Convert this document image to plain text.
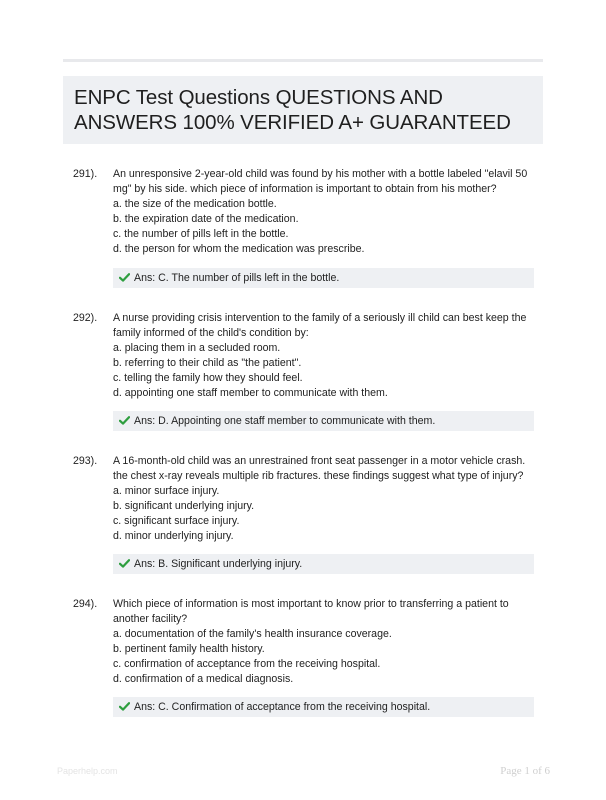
ENPC Test Questions QUESTIONS AND ANSWERS 100% VERIFIED A+ GUARANTEED
291). An unresponsive 2-year-old child was found by his mother with a bottle labeled "elavil 50 mg" by his side. which piece of information is important to obtain from his mother?

a. the size of the medication bottle.

b. the expiration date of the medication.

c. the number of pills left in the bottle.

d. the person for whom the medication was prescribe.

Ans: C. The number of pills left in the bottle.
292). A nurse providing crisis intervention to the family of a seriously ill child can best keep the family informed of the child's condition by:

a. placing them in a secluded room.

b. referring to their child as "the patient".

c. telling the family how they should feel.

d. appointing one staff member to communicate with them.

Ans: D. Appointing one staff member to communicate with them.
293). A 16-month-old child was an unrestrained front seat passenger in a motor vehicle crash. the chest x-ray reveals multiple rib fractures. these findings suggest what type of injury?

a. minor surface injury.

b. significant underlying injury.

c. significant surface injury.

d. minor underlying injury.

Ans: B. Significant underlying injury.
294). Which piece of information is most important to know prior to transferring a patient to another facility?

a. documentation of the family's health insurance coverage.

b. pertinent family health history.

c. confirmation of acceptance from the receiving hospital.

d. confirmation of a medical diagnosis.

Ans: C. Confirmation of acceptance from the receiving hospital.
Paperhelp.com	Page 1 of 6
